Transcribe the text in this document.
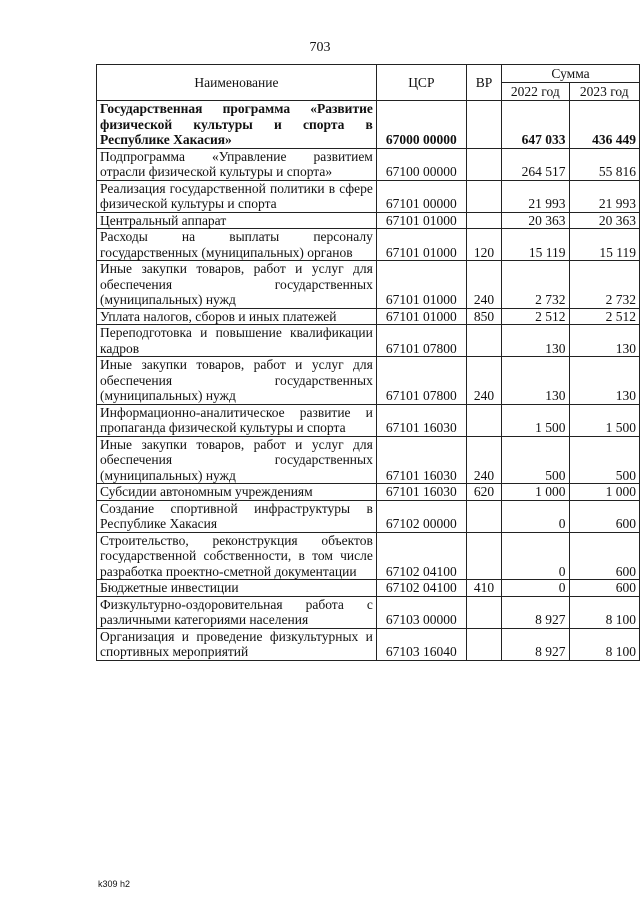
703
Наименование	ЦСР	ВР	Сумма	
			2022 год	2023 год
Государственная программа «Развитие физической культуры и спорта в Республике Хакасия»	67000 00000		647 033	436 449
Подпрограмма «Управление развитием отрасли физической культуры и спорта»	67100 00000		264 517	55 816
Реализация государственной политики в сфере физической культуры и спорта	67101 00000		21 993	21 993
Центральный аппарат	67101 01000		20 363	20 363
Расходы на выплаты персоналу государственных (муниципальных) органов	67101 01000	120	15 119	15 119
Иные закупки товаров, работ и услуг для обеспечения государственных (муниципальных) нужд	67101 01000	240	2 732	2 732
Уплата налогов, сборов и иных платежей	67101 01000	850	2 512	2 512
Переподготовка и повышение квалификации кадров	67101 07800		130	130
Иные закупки товаров, работ и услуг для обеспечения государственных (муниципальных) нужд	67101 07800	240	130	130
Информационно-аналитическое развитие и пропаганда физической культуры и спорта	67101 16030		1 500	1 500
Иные закупки товаров, работ и услуг для обеспечения государственных (муниципальных) нужд	67101 16030	240	500	500
Субсидии автономным учреждениям	67101 16030	620	1 000	1 000
Создание спортивной инфраструктуры в Республике Хакасия	67102 00000		0	600
Строительство, реконструкция объектов государственной собственности, в том числе разработка проектно-сметной документации	67102 04100		0	600
Бюджетные инвестиции	67102 04100	410	0	600
Физкультурно-оздоровительная работа с различными категориями населения	67103 00000		8 927	8 100
Организация и проведение физкультурных и спортивных мероприятий	67103 16040		8 927	8 100
k309 h2
